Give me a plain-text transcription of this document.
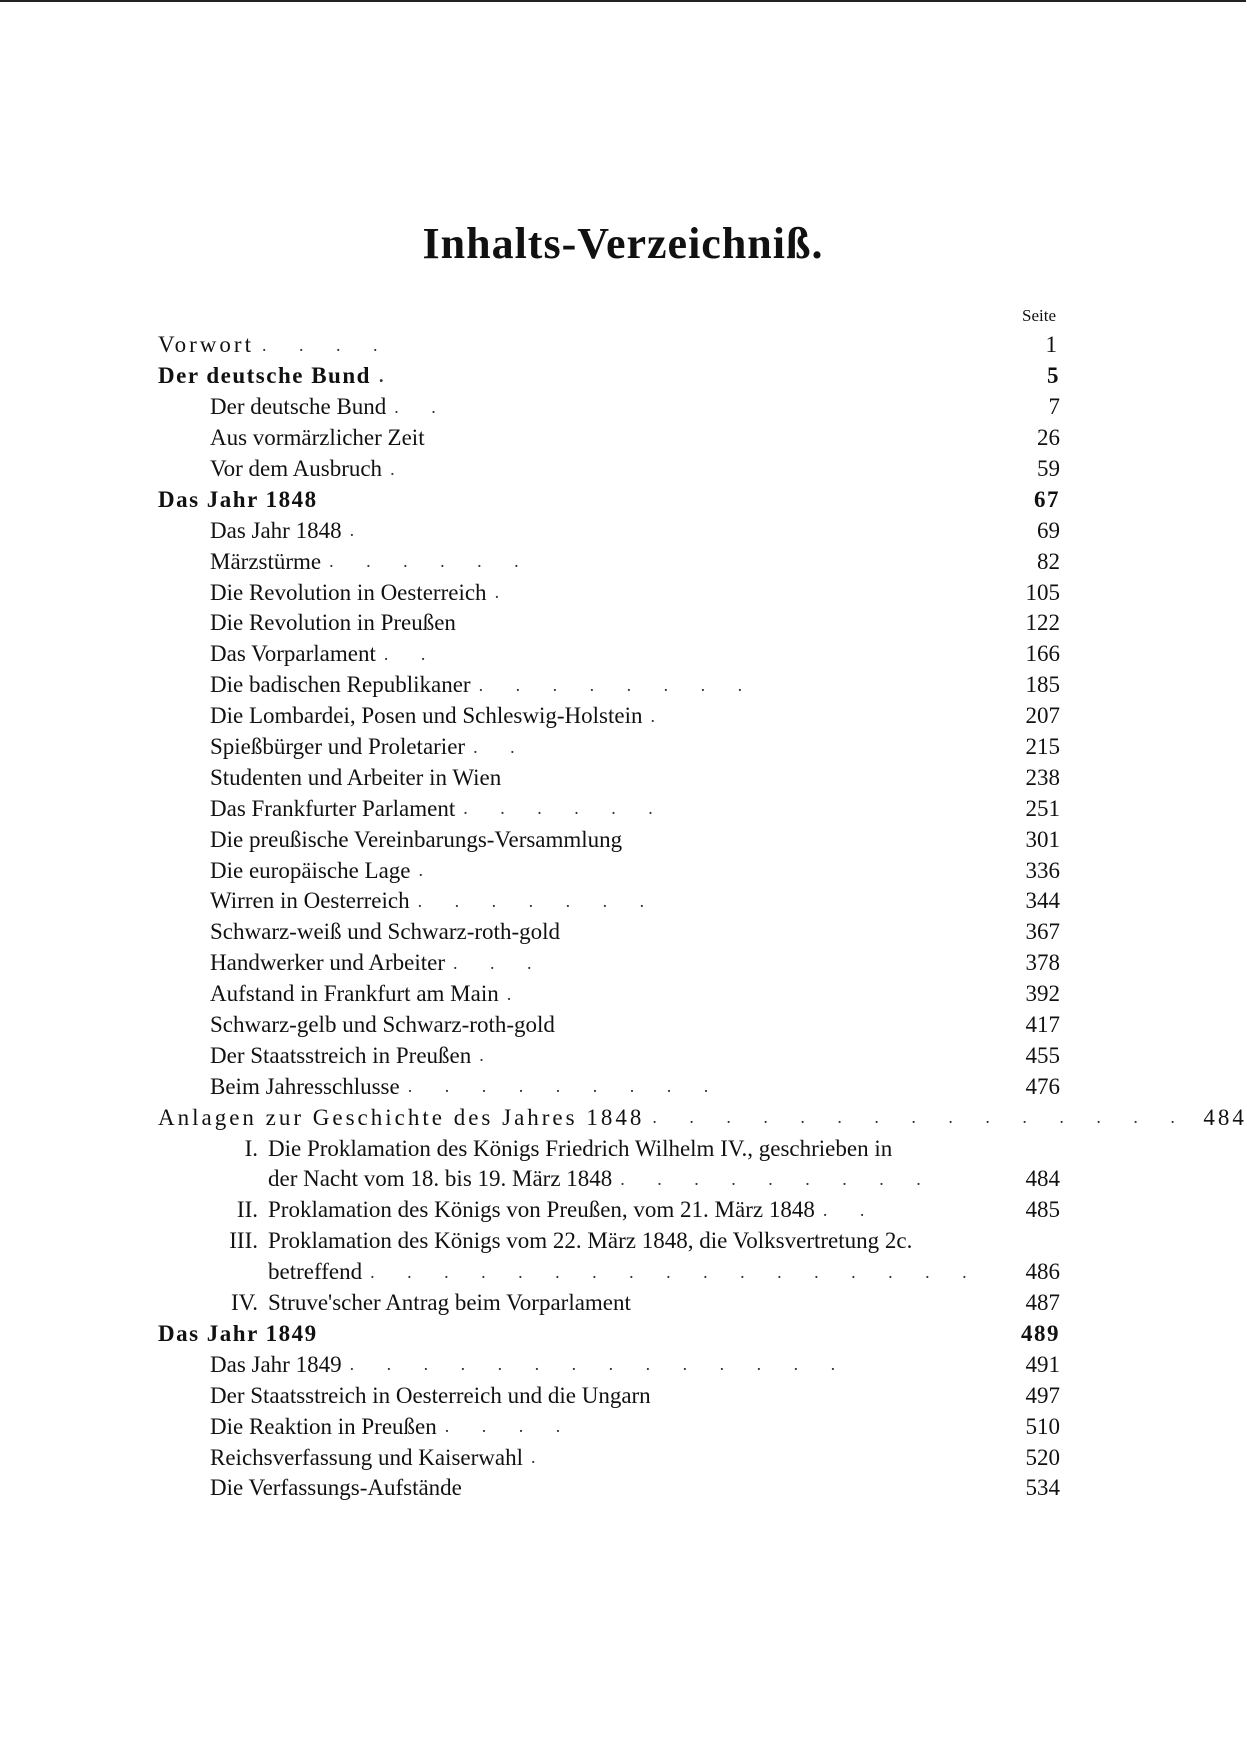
Inhalts-Verzeichniß.
Seite
Vorwort . . . .	1
Der deutsche Bund .	5
Der deutsche Bund . .	7
Aus vormärzlicher Zeit	26
Vor dem Ausbruch .	59
Das Jahr 1848	67
Das Jahr 1848 .	69
Märzstürme . . . . . .	82
Die Revolution in Oesterreich .	105
Die Revolution in Preußen	122
Das Vorparlament . .	166
Die badischen Republikaner . . . . . . . .	185
Die Lombardei, Posen und Schleswig-Holstein .	207
Spießbürger und Proletarier . .	215
Studenten und Arbeiter in Wien	238
Das Frankfurter Parlament . . . . . .	251
Die preußische Vereinbarungs-Versammlung	301
Die europäische Lage .	336
Wirren in Oesterreich . . . . . . .	344
Schwarz-weiß und Schwarz-roth-gold	367
Handwerker und Arbeiter . . .	378
Aufstand in Frankfurt am Main .	392
Schwarz-gelb und Schwarz-roth-gold	417
Der Staatsstreich in Preußen .	455
Beim Jahresschlusse . . . . . . . . .	476
Anlagen zur Geschichte des Jahres 1848 . . . . . . . . . . . . . . . 484
I. Die Proklamation des Königs Friedrich Wilhelm IV., geschrieben in
der Nacht vom 18. bis 19. März 1848 . . . . . . . . .	484
II. Proklamation des Königs von Preußen, vom 21. März 1848 . .	485
III. Proklamation des Königs vom 22. März 1848, die Volksvertretung 2c.
betreffend . . . . . . . . . . . . . . . . .	486
IV. Struve'scher Antrag beim Vorparlament	487
Das Jahr 1849	489
Das Jahr 1849 . . . . . . . . . . . . . .	491
Der Staatsstreich in Oesterreich und die Ungarn	497
Die Reaktion in Preußen . . . .	510
Reichsverfassung und Kaiserwahl .	520
Die Verfassungs-Aufstände	534
